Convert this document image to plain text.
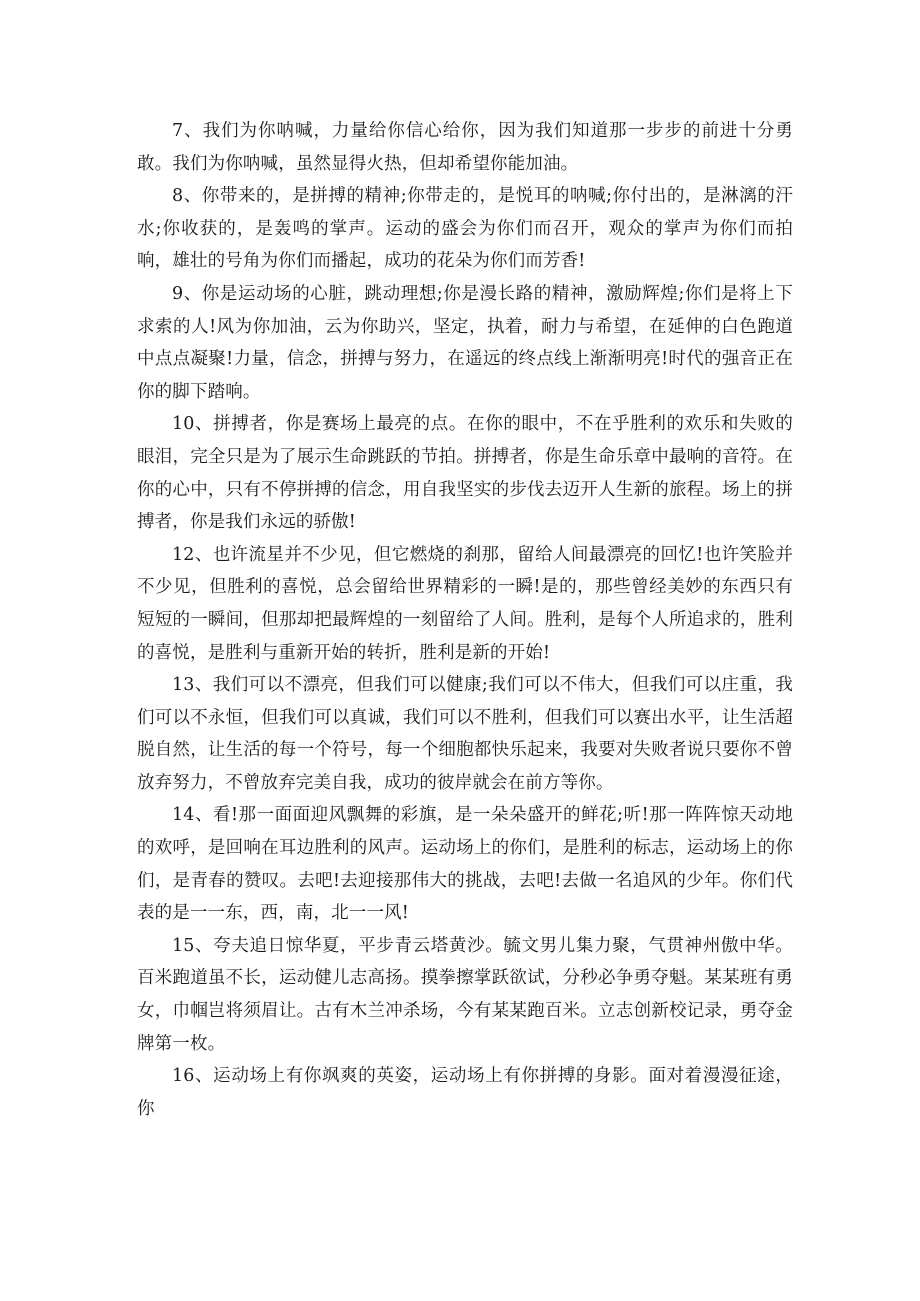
7、我们为你呐喊，力量给你信心给你，因为我们知道那一步步的前进十分勇敢。我们为你呐喊，虽然显得火热，但却希望你能加油。

8、你带来的，是拼搏的精神;你带走的，是悦耳的呐喊;你付出的，是淋漓的汗水;你收获的，是轰鸣的掌声。运动的盛会为你们而召开，观众的掌声为你们而拍响，雄壮的号角为你们而播起，成功的花朵为你们而芳香!

9、你是运动场的心脏，跳动理想;你是漫长路的精神，激励辉煌;你们是将上下求索的人!风为你加油，云为你助兴，坚定，执着，耐力与希望，在延伸的白色跑道中点点凝聚!力量，信念，拼搏与努力，在遥远的终点线上渐渐明亮!时代的强音正在你的脚下踏响。

10、拼搏者，你是赛场上最亮的点。在你的眼中，不在乎胜利的欢乐和失败的眼泪，完全只是为了展示生命跳跃的节拍。拼搏者，你是生命乐章中最响的音符。在你的心中，只有不停拼搏的信念，用自我坚实的步伐去迈开人生新的旅程。场上的拼搏者，你是我们永远的骄傲!

12、也许流星并不少见，但它燃烧的刹那，留给人间最漂亮的回忆!也许笑脸并不少见，但胜利的喜悦，总会留给世界精彩的一瞬!是的，那些曾经美妙的东西只有短短的一瞬间，但那却把最辉煌的一刻留给了人间。胜利，是每个人所追求的，胜利的喜悦，是胜利与重新开始的转折，胜利是新的开始!

13、我们可以不漂亮，但我们可以健康;我们可以不伟大，但我们可以庄重，我们可以不永恒，但我们可以真诚，我们可以不胜利，但我们可以赛出水平，让生活超脱自然，让生活的每一个符号，每一个细胞都快乐起来，我要对失败者说只要你不曾放弃努力，不曾放弃完美自我，成功的彼岸就会在前方等你。

14、看!那一面面迎风飘舞的彩旗，是一朵朵盛开的鲜花;听!那一阵阵惊天动地的欢呼，是回响在耳边胜利的风声。运动场上的你们，是胜利的标志，运动场上的你们，是青春的赞叹。去吧!去迎接那伟大的挑战，去吧!去做一名追风的少年。你们代表的是一一东，西，南，北一一风!

15、夸夫追日惊华夏，平步青云塔黄沙。毓文男儿集力聚，气贯神州傲中华。百米跑道虽不长，运动健儿志高扬。摸拳擦掌跃欲试，分秒必争勇夺魁。某某班有勇女，巾帼岂将须眉让。古有木兰冲杀场，今有某某跑百米。立志创新校记录，勇夺金牌第一枚。

16、运动场上有你飒爽的英姿，运动场上有你拼搏的身影。面对着漫漫征途，你
